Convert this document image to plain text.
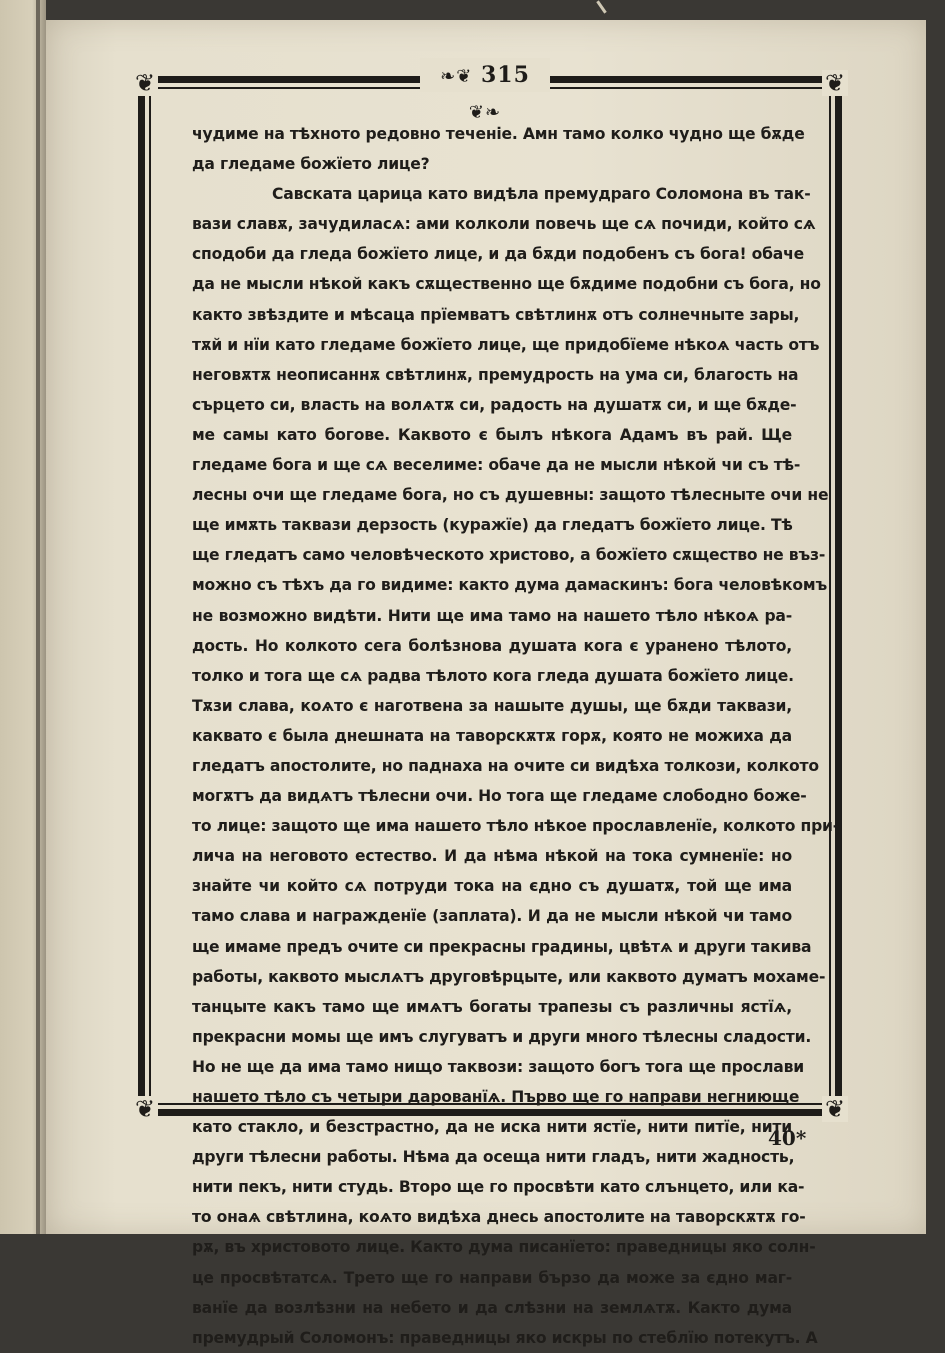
❦	❦
❦	❦
❧❦ 315 ❦❧
чудиме на тѣхното редовно теченіе. Амн тамо колко чудно ще бѫде
да гледаме божїето лице?
Савската царица като видѣла премудраго Соломона въ так-
вази славѫ, зачудиласѧ: ами колколи повечь ще сѧ почиди, който сѧ
сподоби да гледа божїето лице, и да бѫди подобенъ съ бога! обаче
да не мысли нѣкой какъ сѫщественно ще бѫдиме подобни съ бога, но
както звѣздите и мѣсаца прїемватъ свѣтлинѫ отъ солнечныте зары,
тѫй и нїи като гледаме божїето лице, ще придобїеме нѣкоѧ часть отъ
неговѫтѫ неописаннѫ свѣтлинѫ, премудрость на ума си, благость на
сърцето си, власть на волѧтѫ си, радость на душатѫ си, и ще бѫде-
ме самы като богове. Каквото є былъ нѣкога Адамъ въ рай. Ще
гледаме бога и ще сѧ веселиме: обаче да не мысли нѣкой чи съ тѣ-
лесны очи ще гледаме бога, но съ душевны: защото тѣлесныте очи не
ще имѫть таквази дерзость (куражїе) да гледатъ божїето лице. Тѣ
ще гледатъ само человѣческото христово, а божїето сѫщество не въз-
можно съ тѣхъ да го видиме: както дума дамаскинъ: бога человѣкомъ
не возможно видѣти. Нити ще има тамо на нашето тѣло нѣкоѧ ра-
дость. Но колкото сега болѣзнова душата кога є уранено тѣлото,
толко и тога ще сѧ радва тѣлото кога гледа душата божїето лице.
Тѫзи слава, коѧто є наготвена за нашыте душы, ще бѫди таквази,
каквато є была днешната на таворскѫтѫ горѫ, която не можиха да
гледатъ апостолите, но паднаха на очите си видѣха толкози, колкото
могѫтъ да видѧтъ тѣлесни очи. Но тога ще гледаме слободно боже-
то лице: защото ще има нашето тѣло нѣкое прославленїе, колкото при-
лича на неговото естество. И да нѣма нѣкой на тока сумненїе: но
знайте чи който сѧ потруди тока на єдно съ душатѫ, той ще има
тамо слава и награжденїе (заплата). И да не мысли нѣкой чи тамо
ще имаме предъ очите си прекрасны градины, цвѣтѧ и други такива
работы, каквото мыслѧтъ друговѣрцыте, или каквото думатъ мохаме-
танцыте какъ тамо ще имѧтъ богаты трапезы съ различны ястїѧ,
прекрасни момы ще имъ слугуватъ и други много тѣлесны сладости.
Но не ще да има тамо нищо таквози: защото богъ тога ще прослави
нашето тѣло съ четыри дарованїѧ. Първо ще го направи негниюще
като стакло, и безстрастно, да не иска нити ястїе, нити питїе, нити
други тѣлесни работы. Нѣма да осеща нити гладъ, нити жадность,
нити пекъ, нити студь. Второ ще го просвѣти като слънцето, или ка-
то онаѧ свѣтлина, коѧто видѣха днесь апостолите на таворскѫтѫ го-
рѫ, въ христовото лице. Както дума писанїето: праведницы яко солн-
це просвѣтатсѧ. Трето ще го направи бързо да може за єдно маг-
ванїе да возлѣзни на небето и да слѣзни на землѧтѫ. Както дума
премудрый Соломонъ: праведницы яко искры по стеблїю потекутъ. А
40*
